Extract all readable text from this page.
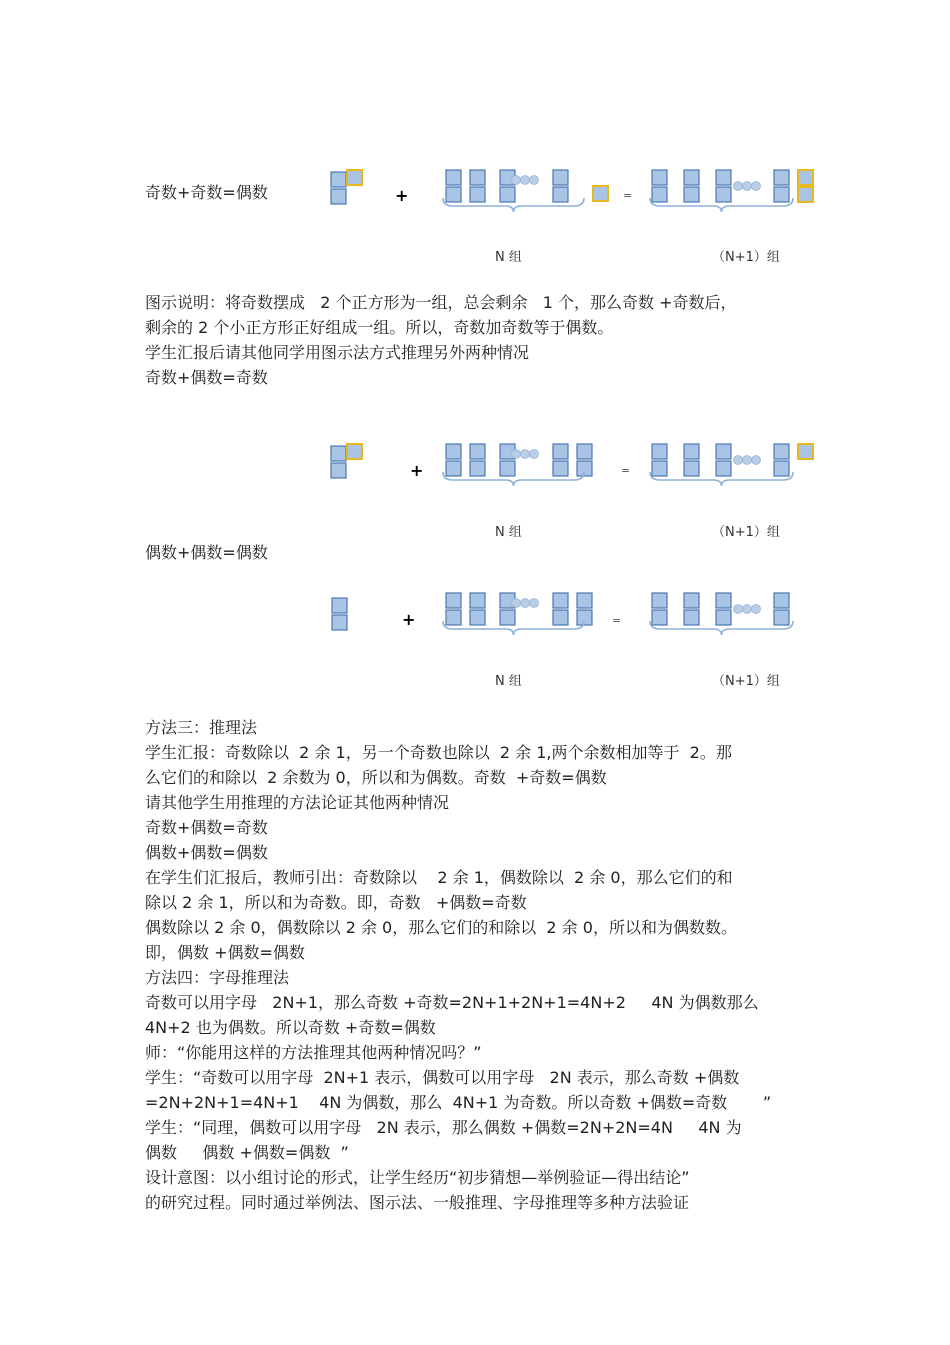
奇数+奇数=偶数	+	=
N 组	（N+1）组
图示说明：将奇数摆成   2 个正方形为一组，总会剩余   1 个，那么奇数 +奇数后，
剩余的 2 个小正方形正好组成一组。所以，奇数加奇数等于偶数。
学生汇报后请其他同学用图示法方式推理另外两种情况
奇数+偶数=奇数
+	=
N 组	（N+1）组
偶数+偶数=偶数
+	=
N 组	（N+1）组
方法三：推理法
学生汇报：奇数除以  2 余 1，另一个奇数也除以  2 余 1,两个余数相加等于  2。那
么它们的和除以  2 余数为 0，所以和为偶数。奇数  +奇数=偶数
请其他学生用推理的方法论证其他两种情况
奇数+偶数=奇数
偶数+偶数=偶数
在学生们汇报后，教师引出：奇数除以    2 余 1，偶数除以  2 余 0，那么它们的和
除以 2 余 1，所以和为奇数。即，奇数   +偶数=奇数
偶数除以 2 余 0，偶数除以 2 余 0，那么它们的和除以  2 余 0，所以和为偶数数。
即，偶数 +偶数=偶数
方法四：字母推理法
奇数可以用字母   2N+1，那么奇数 +奇数=2N+1+2N+1=4N+2     4N 为偶数那么
4N+2 也为偶数。所以奇数 +奇数=偶数
师：“你能用这样的方法推理其他两种情况吗？”
学生：“奇数可以用字母  2N+1 表示，偶数可以用字母   2N 表示，那么奇数 +偶数
=2N+2N+1=4N+1    4N 为偶数，那么  4N+1 为奇数。所以奇数 +偶数=奇数       ”
学生：“同理，偶数可以用字母   2N 表示，那么偶数 +偶数=2N+2N=4N     4N 为
偶数     偶数 +偶数=偶数  ”
设计意图：以小组讨论的形式，让学生经历“初步猜想—举例验证—得出结论”
的研究过程。同时通过举例法、图示法、一般推理、字母推理等多种方法验证
